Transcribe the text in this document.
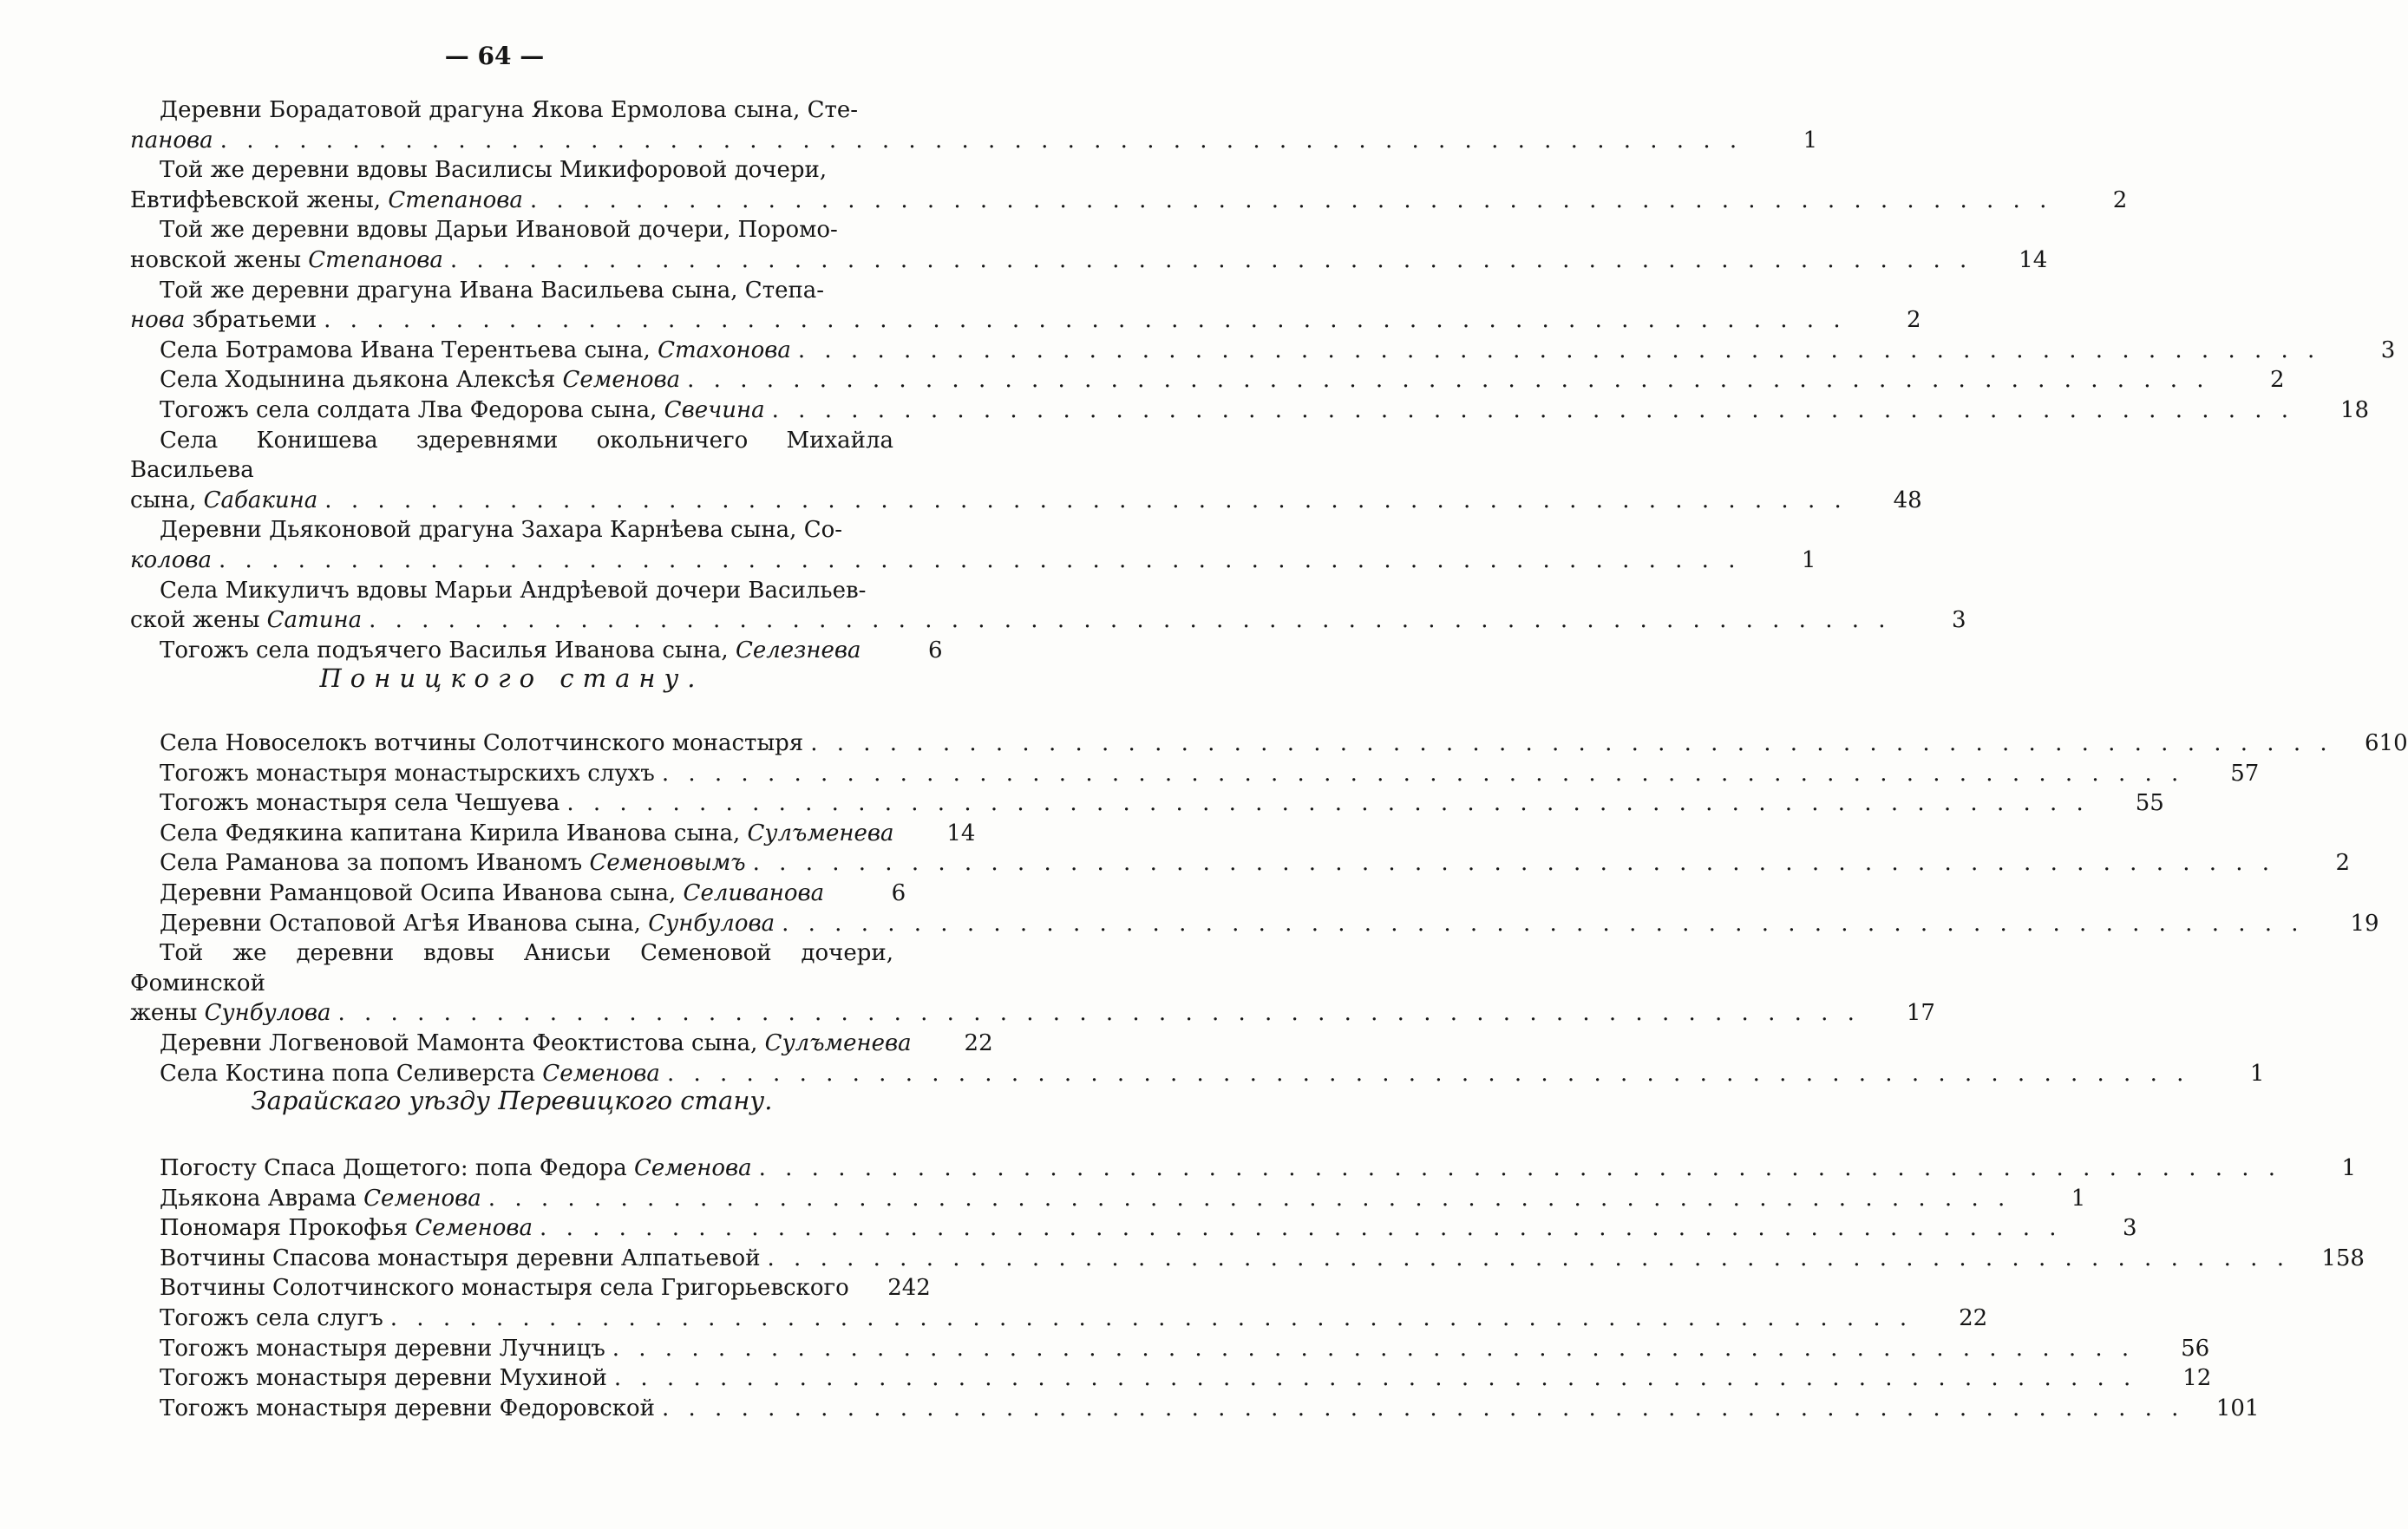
— 64 —
Деревни Борадатовой драгуна Якова Ермолова сына, Сте-
панова . . .	1
Той же деревни вдовы Василисы Микифоровой дочери,
Евтифѣевской жены, Степанова . . .	2
Той же деревни вдовы Дарьи Ивановой дочери, Поромо-
новской жены Степанова . . .	14
Той же деревни драгуна Ивана Васильева сына, Степа-
нова збратьеми . . .	2
Села Ботрамова Ивана Терентьева сына, Стахонова . . .	3
Села Ходынина дьякона Алексѣя Семенова . . .	2
Тогожъ села солдата Лва Федорова сына, Свечина . . .	18
Села Конишева здеревнями окольничего Михайла Васильева
сына, Сабакина . . .	48
Деревни Дьяконовой драгуна Захара Карнѣева сына, Со-
колова . . .	1
Села Микуличъ вдовы Марьи Андрѣевой дочери Васильев-
ской жены Сатина . . .	3
Тогожъ села подъячего Василья Иванова сына, Селезнева	6
Поницкого стану.
Села Новоселокъ вотчины Солотчинского монастыря . . .	610
Тогожъ монастыря монастырскихъ слухъ . . .	57
Тогожъ монастыря села Чешуева . . .	55
Села Федякина капитана Кирила Иванова сына, Сулъменева	14
Села Раманова за попомъ Иваномъ Семеновымъ . . .	2
Деревни Раманцовой Осипа Иванова сына, Селиванова	6
Деревни Остаповой Агѣя Иванова сына, Сунбулова . . .	19
Той же деревни вдовы Анисьи Семеновой дочери, Фоминской
жены Сунбулова . . .	17
Деревни Логвеновой Мамонта Феоктистова сына, Сулъменева	22
Села Костина попа Селиверста Семенова . . .	1
Зарайскаго уѣзду Перевицкого стану.
Погосту Спаса Дощетого: попа Федора Семенова . . .	1
Дьякона Аврама Семенова . . .	1
Пономаря Прокофья Семенова . . .	3
Вотчины Спасова монастыря деревни Алпатьевой . . .	158
Вотчины Солотчинского монастыря села Григорьевского	242
Тогожъ села слугъ . . .	22
Тогожъ монастыря деревни Лучницъ . . .	56
Тогожъ монастыря деревни Мухиной . . .	12
Тогожъ монастыря деревни Федоровской . . .	101
